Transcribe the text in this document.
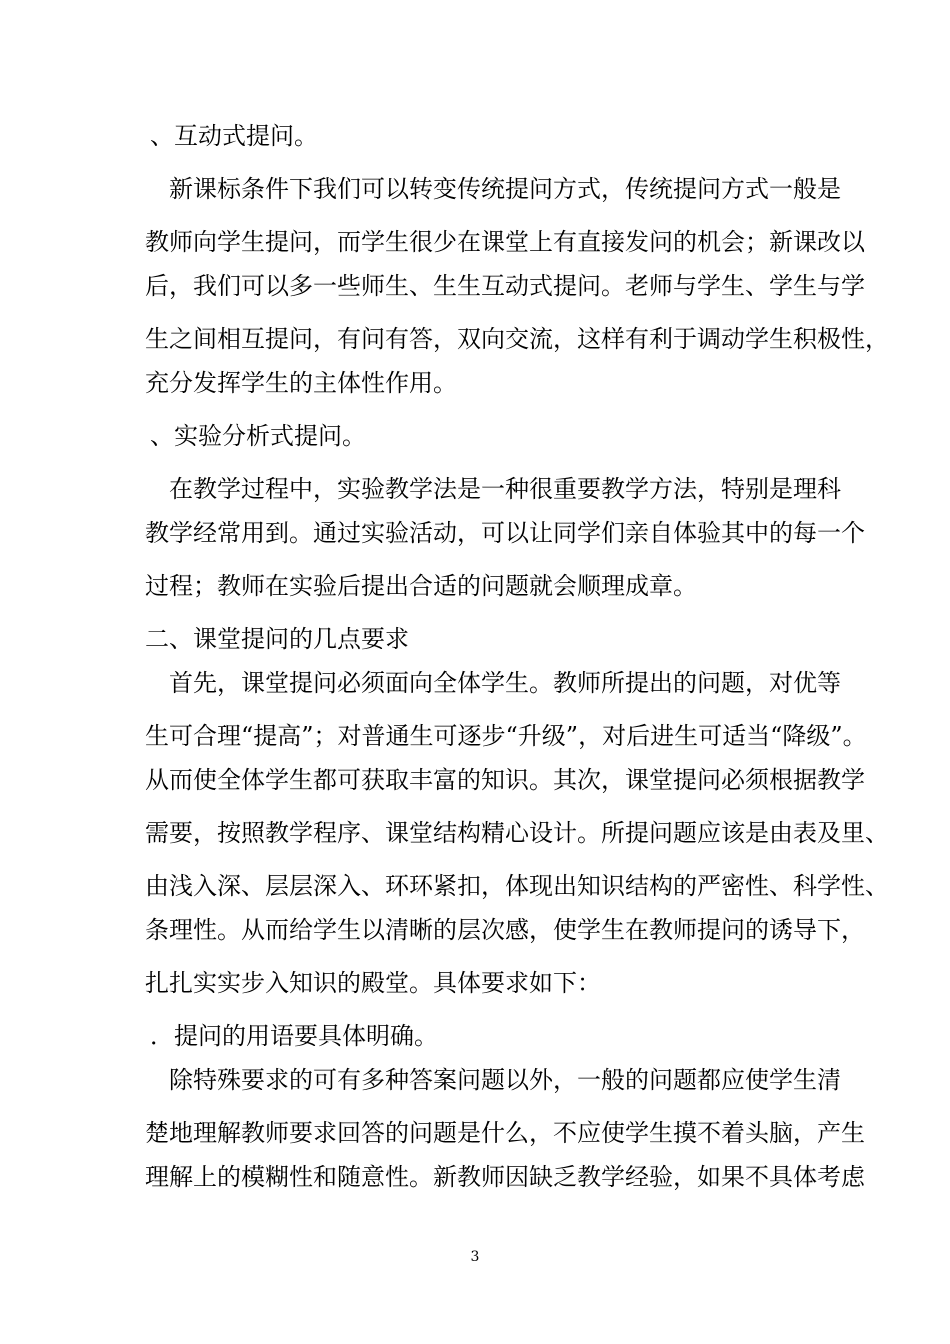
、互动式提问。
　新课标条件下我们可以转变传统提问方式，传统提问方式一般是
教师向学生提问，而学生很少在课堂上有直接发问的机会；新课改以
后，我们可以多一些师生、生生互动式提问。老师与学生、学生与学
生之间相互提问，有问有答，双向交流，这样有利于调动学生积极性，
充分发挥学生的主体性作用。
、实验分析式提问。
　在教学过程中，实验教学法是一种很重要教学方法，特别是理科
教学经常用到。通过实验活动，可以让同学们亲自体验其中的每一个
过程；教师在实验后提出合适的问题就会顺理成章。
二、课堂提问的几点要求
　首先，课堂提问必须面向全体学生。教师所提出的问题，对优等
生可合理“提高”；对普通生可逐步“升级”，对后进生可适当“降级”。
从而使全体学生都可获取丰富的知识。其次，课堂提问必须根据教学
需要，按照教学程序、课堂结构精心设计。所提问题应该是由表及里、
由浅入深、层层深入、环环紧扣，体现出知识结构的严密性、科学性、
条理性。从而给学生以清晰的层次感，使学生在教师提问的诱导下，
扎扎实实步入知识的殿堂。具体要求如下：
．提问的用语要具体明确。
　除特殊要求的可有多种答案问题以外，一般的问题都应使学生清
楚地理解教师要求回答的问题是什么，不应使学生摸不着头脑，产生
理解上的模糊性和随意性。新教师因缺乏教学经验，如果不具体考虑
3
